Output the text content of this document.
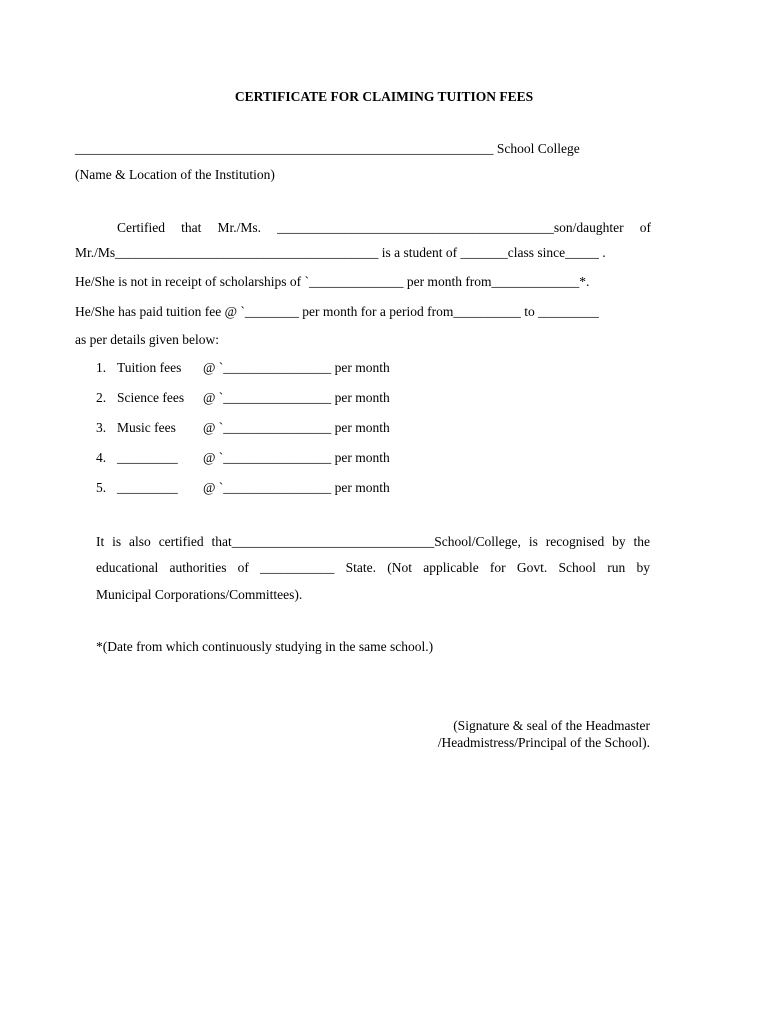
CERTIFICATE FOR CLAIMING TUITION FEES
______________________________________________________________ School College
(Name & Location of the Institution)
Certified that Mr./Ms. _________________________________________son/daughter of
Mr./Ms_______________________________________ is a student of _______class since_____ .
He/She is not in receipt of scholarships of `______________ per month from_____________*.
He/She has paid tuition fee @ `________ per month for a period from__________ to _________
as per details given below:
1. Tuition fees @ `________________ per month
2. Science fees @ `________________ per month
3. Music fees @ `________________ per month
4. _________ @ `________________ per month
5. _________ @ `________________ per month
It is also certified that______________________________School/College, is recognised by the
educational authorities of ___________ State. (Not applicable for Govt. School run by
Municipal Corporations/Committees).
*(Date from which continuously studying in the same school.)
(Signature & seal of the Headmaster
/Headmistress/Principal of the School).
